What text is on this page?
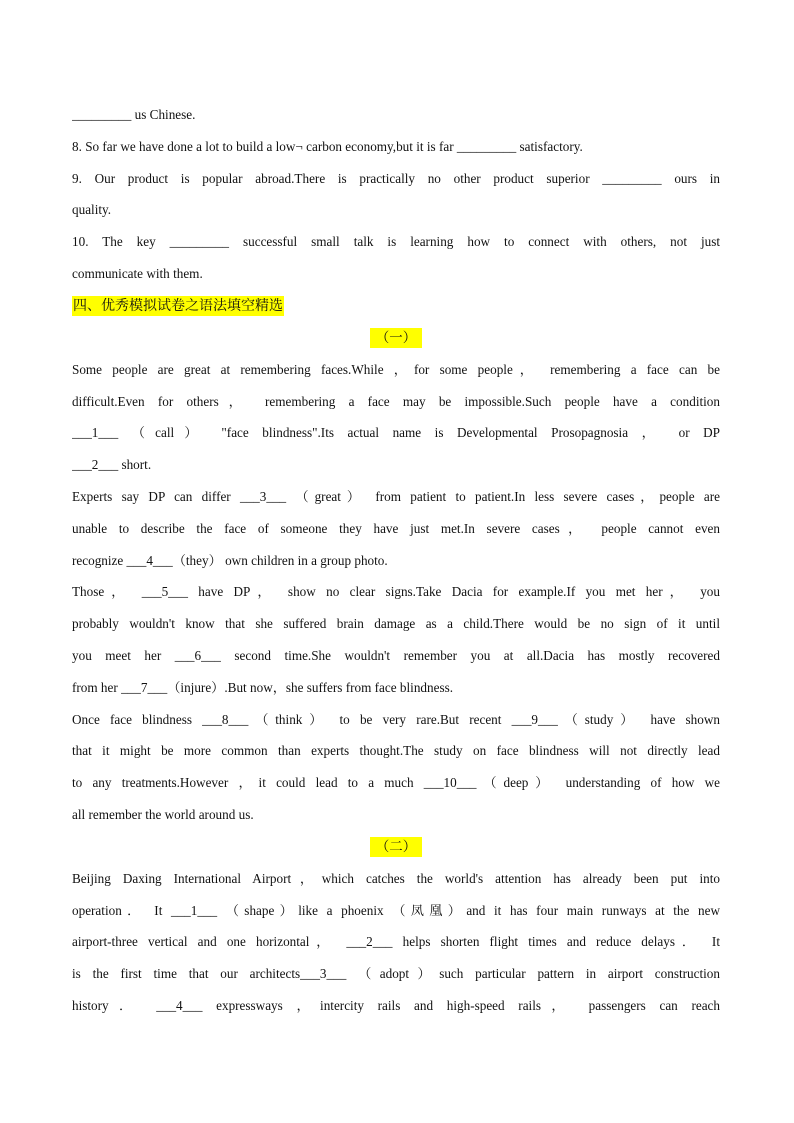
_________ us Chinese.
8. So far we have done a lot to build a low¬ carbon economy,but it is far _________ satisfactory.
9. Our product is popular abroad.There is practically no other product superior _________ ours in
quality.
10. The key _________ successful small talk is learning how to connect with others, not just
communicate with them.
四、优秀模拟试卷之语法填空精选
（一）
Some people are great at remembering faces.While ，for some people， remembering a face can be
difficult.Even for others， remembering a face may be impossible.Such people have a condition
___1___ （call） "face blindness".Its actual name is Developmental Prosopagnosia ， or DP
___2___ short.
Experts say DP can differ ___3___ （great） from patient to patient.In less severe cases，people are
unable to describe the face of someone they have just met.In severe cases， people cannot even
recognize ___4___（they） own children in a group photo.
Those， ___5___ have DP， show no clear signs.Take Dacia for example.If you met her， you
probably wouldn't know that she suffered brain damage as a child.There would be no sign of it until
you meet her ___6___ second time.She wouldn't remember you at all.Dacia has mostly recovered
from her ___7___（injure）.But now，she suffers from face blindness.
Once face blindness ___8___（think） to be very rare.But recent ___9___（study） have shown
that it might be more common than experts thought.The study on face blindness will not directly lead
to any treatments.However ，it could lead to a much ___10___（deep） understanding of how we
all remember the world around us.
（二）
Beijing Daxing International Airport，which catches the world's attention has already been put into
operation． It ___1___ （shape）like a phoenix （凤凰）and it has four main runways at the new
airport-three vertical and one horizontal， ___2___ helps shorten flight times and reduce delays． It
is the first time that our architects___3___ （adopt）such particular pattern in airport construction
history． ___4___ expressways ，intercity rails and high-speed rails， passengers can reach
